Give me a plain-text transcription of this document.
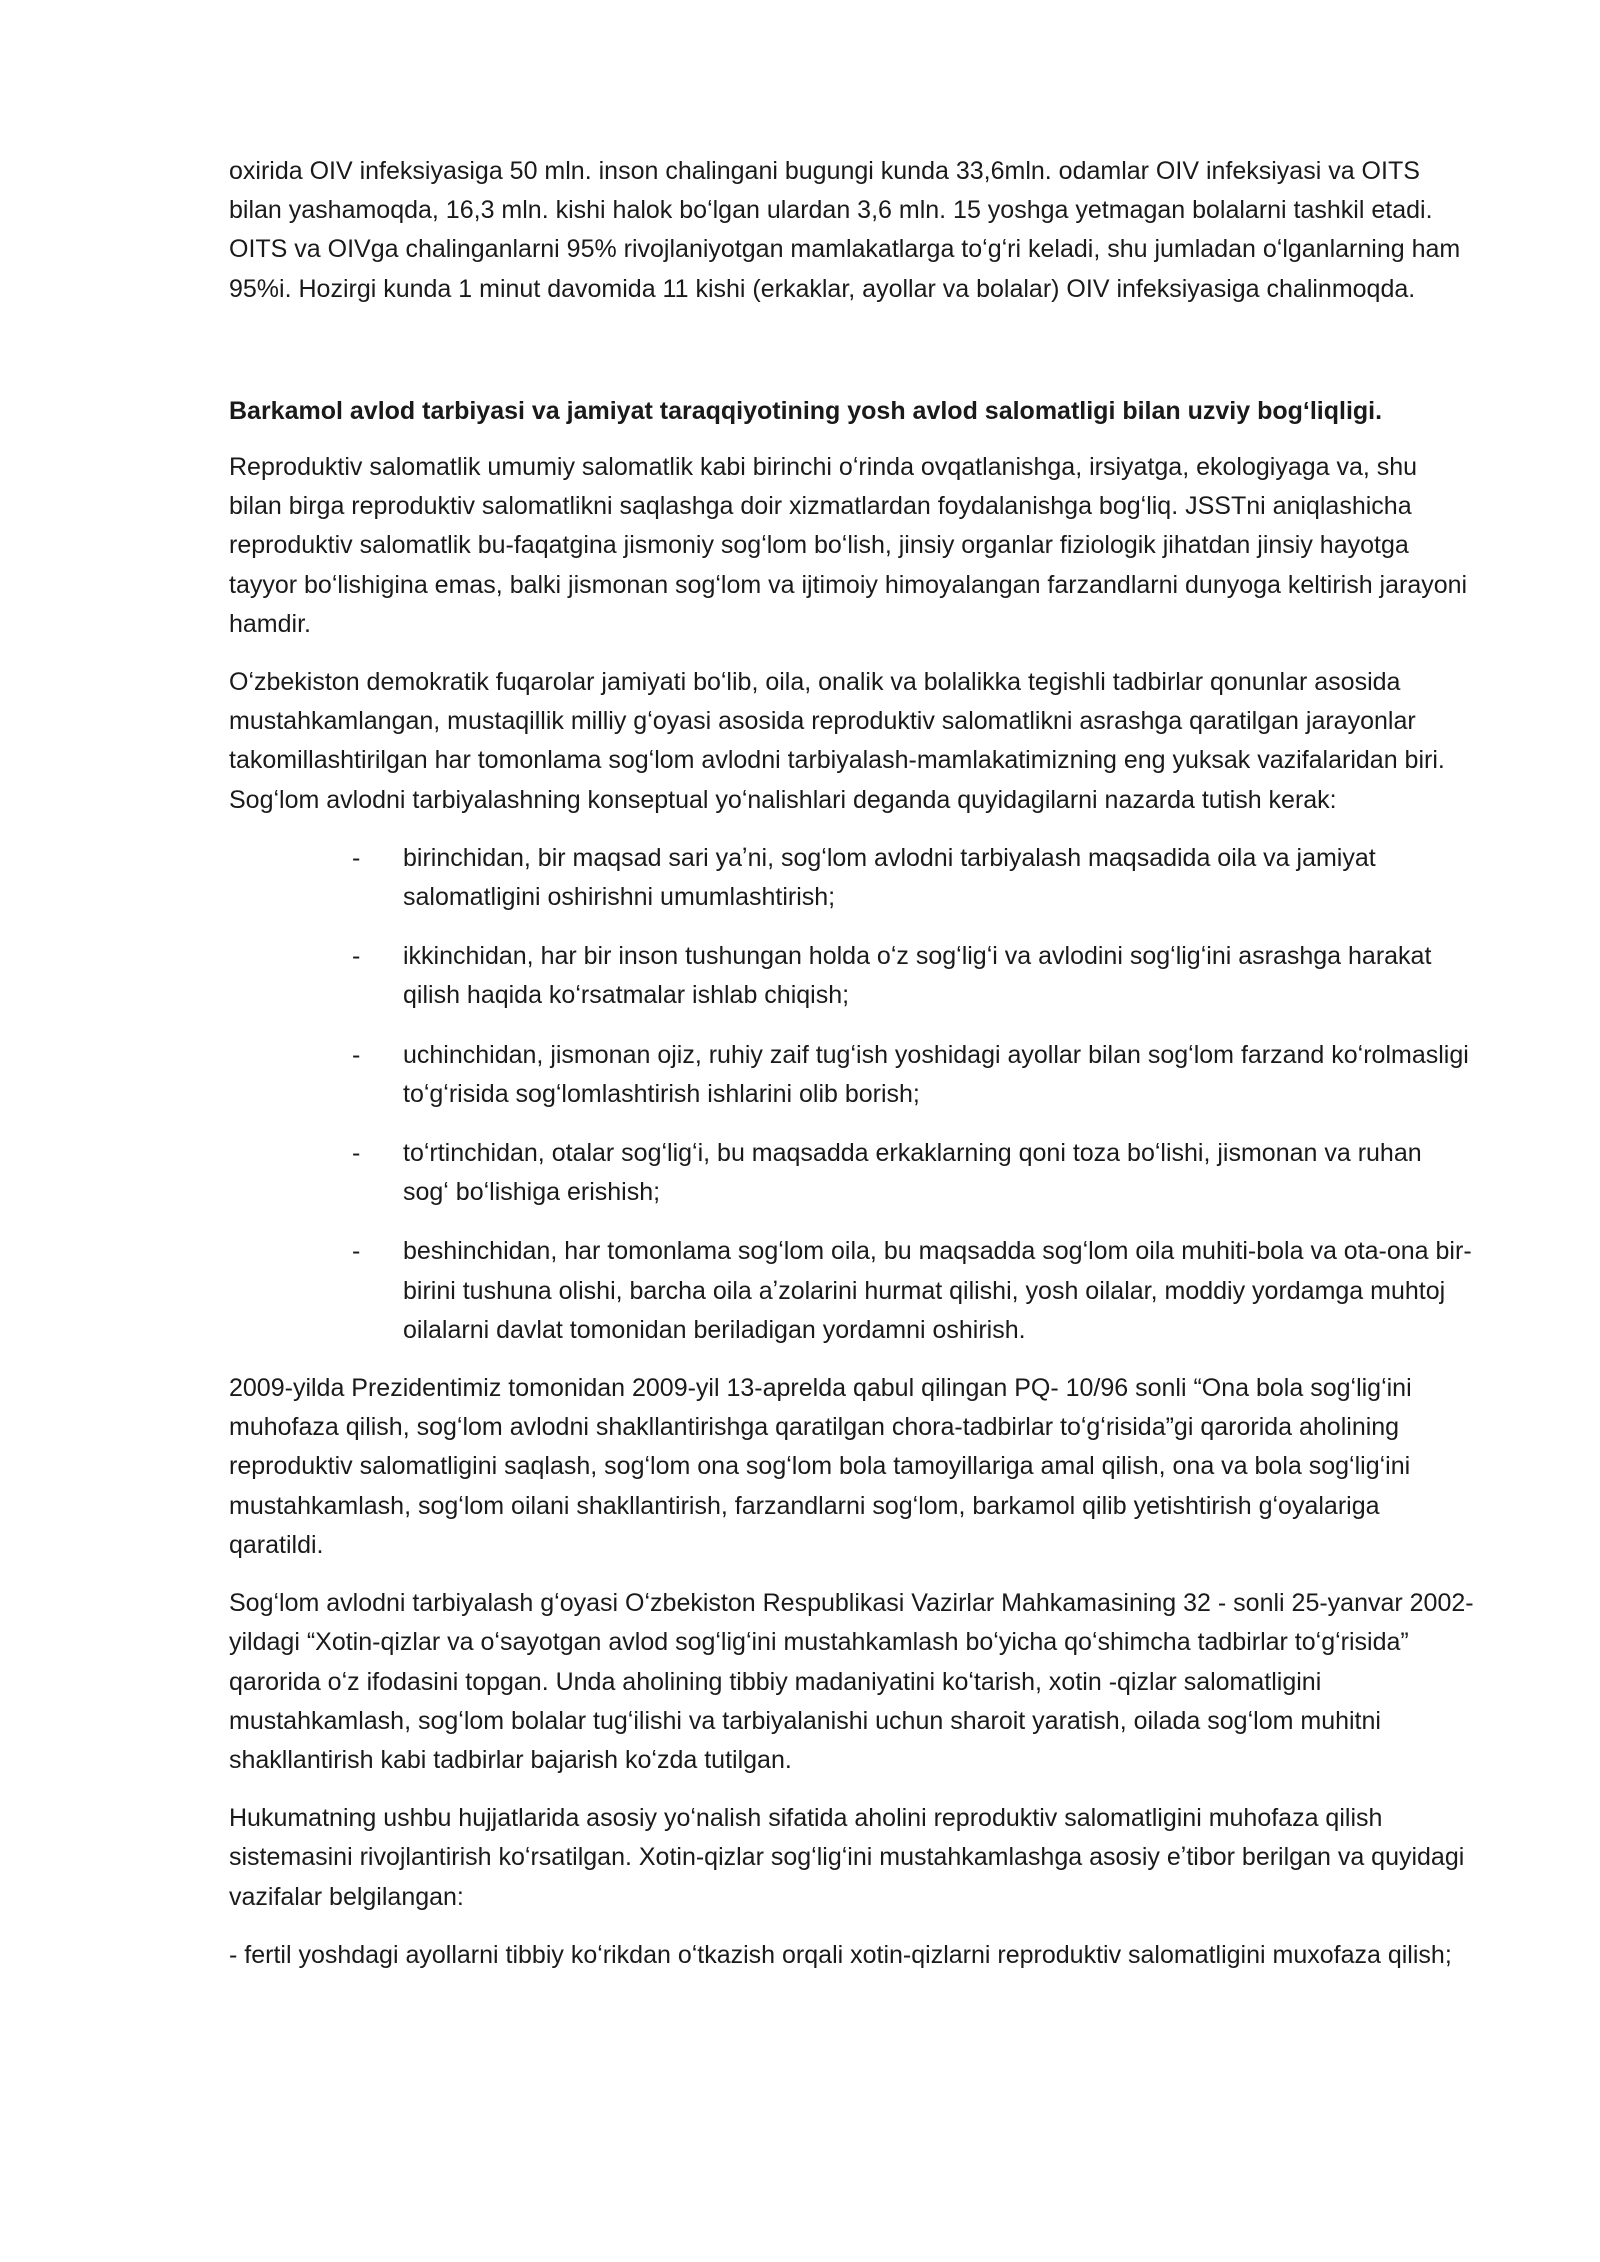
oxirida OIV infeksiyasiga 50 mln. inson chalingani bugungi kunda 33,6mln. odamlar OIV infeksiyasi va OITS bilan yashamoqda, 16,3 mln. kishi halok boʻlgan ulardan 3,6 mln. 15 yoshga yetmagan bolalarni tashkil etadi. OITS va OIVga chalinganlarni 95% rivojlaniyotgan mamlakatlarga toʻgʻri keladi, shu jumladan oʻlganlarning ham 95%i. Hozirgi kunda 1 minut davomida 11 kishi (erkaklar, ayollar va bolalar) OIV infeksiyasiga chalinmoqda.

Barkamol avlod tarbiyasi va jamiyat taraqqiyotining yosh avlod salomatligi bilan uzviy bogʻliqligi.

Reproduktiv salomatlik umumiy salomatlik kabi birinchi oʻrinda ovqatlanishga, irsiyatga, ekologiyaga va, shu bilan birga reproduktiv salomatlikni saqlashga doir xizmatlardan foydalanishga bogʻliq. JSSTni aniqlashicha reproduktiv salomatlik bu-faqatgina jismoniy sogʻlom boʻlish, jinsiy organlar fiziologik jihatdan jinsiy hayotga tayyor boʻlishigina emas, balki jismonan sogʻlom va ijtimoiy himoyalangan farzandlarni dunyoga keltirish jarayoni hamdir.

Oʻzbekiston demokratik fuqarolar jamiyati boʻlib, oila, onalik va bolalikka tegishli tadbirlar qonunlar asosida mustahkamlangan, mustaqillik milliy gʻoyasi asosida reproduktiv salomatlikni asrashga qaratilgan jarayonlar takomillashtirilgan har tomonlama sogʻlom avlodni tarbiyalash-mamlakatimizning eng yuksak vazifalaridan biri. Sogʻlom avlodni tarbiyalashning konseptual yoʻnalishlari deganda quyidagilarni nazarda tutish kerak:

- birinchidan, bir maqsad sari yaʼni, sogʻlom avlodni tarbiyalash maqsadida oila va jamiyat salomatligini oshirishni umumlashtirish;
- ikkinchidan, har bir inson tushungan holda oʻz sogʻligʻi va avlodini sogʻligʻini asrashga harakat qilish haqida koʻrsatmalar ishlab chiqish;
- uchinchidan, jismonan ojiz, ruhiy zaif tugʻish yoshidagi ayollar bilan sogʻlom farzand koʻrolmasligi toʻgʻrisida sogʻlomlashtirish ishlarini olib borish;
- toʻrtinchidan, otalar sogʻligʻi, bu maqsadda erkaklarning qoni toza boʻlishi, jismonan va ruhan sogʻ boʻlishiga erishish;
- beshinchidan, har tomonlama sogʻlom oila, bu maqsadda sogʻlom oila muhiti-bola va ota-ona bir-birini tushuna olishi, barcha oila aʼzolarini hurmat qilishi, yosh oilalar, moddiy yordamga muhtoj oilalarni davlat tomonidan beriladigan yordamni oshirish.

2009-yilda Prezidentimiz tomonidan 2009-yil 13-aprelda qabul qilingan PQ- 10/96 sonli “Ona bola sogʻligʻini muhofaza qilish, sogʻlom avlodni shakllantirishga qaratilgan chora-tadbirlar toʻgʻrisida”gi qarorida aholining reproduktiv salomatligini saqlash, sogʻlom ona sogʻlom bola tamoyillariga amal qilish, ona va bola sogʻligʻini mustahkamlash, sogʻlom oilani shakllantirish, farzandlarni sogʻlom, barkamol qilib yetishtirish gʻoyalariga qaratildi.

Sogʻlom avlodni tarbiyalash gʻoyasi Oʻzbekiston Respublikasi Vazirlar Mahkamasining 32 - sonli 25-yanvar 2002-yildagi “Xotin-qizlar va oʻsayotgan avlod sogʻligʻini mustahkamlash boʻyicha qoʻshimcha tadbirlar toʻgʻrisida” qarorida oʻz ifodasini topgan. Unda aholining tibbiy madaniyatini koʻtarish, xotin -qizlar salomatligini mustahkamlash, sogʻlom bolalar tugʻilishi va tarbiyalanishi uchun sharoit yaratish, oilada sogʻlom muhitni shakllantirish kabi tadbirlar bajarish koʻzda tutilgan.

Hukumatning ushbu hujjatlarida asosiy yoʻnalish sifatida aholini reproduktiv salomatligini muhofaza qilish sistemasini rivojlantirish koʻrsatilgan. Xotin-qizlar sogʻligʻini mustahkamlashga asosiy eʼtibor berilgan va quyidagi vazifalar belgilangan:

- fertil yoshdagi ayollarni tibbiy koʻrikdan oʻtkazish orqali xotin-qizlarni reproduktiv salomatligini muxofaza qilish;
